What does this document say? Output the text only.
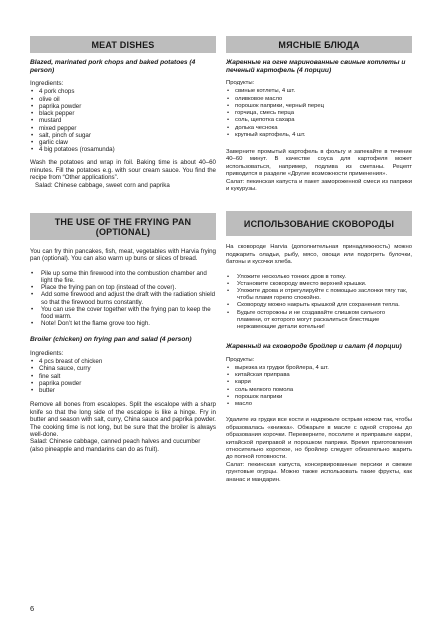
MEAT DISHES
Blazed, marinated pork chops and baked potatoes (4 person)
Ingredients:
• 4 pork chops
• olive oil
• paprika powder
• black pepper
• mustard
• mixed pepper
• salt, pinch of sugar
• garlic claw
• 4 big potatoes (rosamunda)

Wash the potatoes and wrap in foil. Baking time is about 40–60 minutes. Fill the potatoes e.g. with sour cream sauce. You find the recipe from “Other applications”.

Salad: Chinese cabbage, sweet corn and paprika

THE USE OF THE FRYING PAN
(OPTIONAL)

You can fry thin pancakes, fish, meat, vegetables with Harvia frying pan (optional). You can also warm up buns or slices of bread.

• Pile up some thin firewood into the combustion chamber and light the fire.
• Place the frying pan on top (instead of the cover).
• Add some firewood and adjust the draft with the radiation shield so that the firewood burns constantly.
• You can use the cover together with the frying pan to keep the food warm.
• Note! Don’t let the flame grove too high.
Broiler (chicken) on frying pan and salad (4 person)
Ingredients:
• 4 pcs breast of chicken
• China sauce, curry
• fine salt
• paprika powder
• butter

Remove all bones from escalopes. Split the escalope with a sharp knife so that the long side of the escalope is like a hinge. Fry in butter and season with salt, curry, China sauce and paprika powder. The cooking time is not long, but be sure that the broiler is always well-done.

Salad: Chinese cabbage, canned peach halves and cucumber

(also pineapple and mandarins can do as fruit).

МЯСНЫЕ БЛЮДА
Жаренные на огне маринованные свиные котлеты и печеный картофель (4 порции)
Продукты:
• свиные котлеты, 4 шт.
• оливковое масло
• порошок паприки, черный перец
• горчица, смесь перца
• соль, щепотка сахара
• долька чеснока
• крупный картофель, 4 шт.

Заверните промытый картофель в фольгу и запекайте в течение 40–60 минут. В качестве соуса для картофеля может использоваться, например, подлива из сметаны. Рецепт приводится в разделе «Другие возможности применения».

Салат: пекинская капуста и пакет замороженной смеси из паприки и кукурузы.

ИСПОЛЬЗОВАНИЕ СКОВОРОДЫ

На сковороде Harvia (дополнительная принадлежность) можно поджарить оладьи, рыбу, мясо, овощи или подогреть булочки, батоны и кусочки хлеба.

• Уложите несколько тонких дров в топку.
• Установите сковороду вместо верхней крышки.
• Уложите дрова и отрегулируйте с помощью заслонки тягу так, чтобы пламя горело спокойно.
• Сковороду можно накрыть крышкой для сохранения тепла.
• Будьте осторожны и не создавайте слишком сильного пламени, от которого могут раскалиться блестящие нержавеющие детали котельни!
Жаренный на сковороде бройлер и салат (4 порции)
Продукты:
• вырезка из грудки бройлера, 4 шт.
• китайская приправа
• карри
• соль мелкого помола
• порошок паприки
• масло

Удалите из грудки все кости и надрежьте острым ножом так, чтобы образовалась «книжка». Обжарьте в масле с одной стороны до образования корочки. Переверните, посолите и приправьте карри, китайской приправой и порошком паприки. Время приготовления относительно короткое, но бройлер следует обязательно жарить до полной готовности.

Салат: пекинская капуста, консервированные персики и свежие грунтовые огурцы. Можно также использовать такие фрукты, как ананас и мандарин.

6
